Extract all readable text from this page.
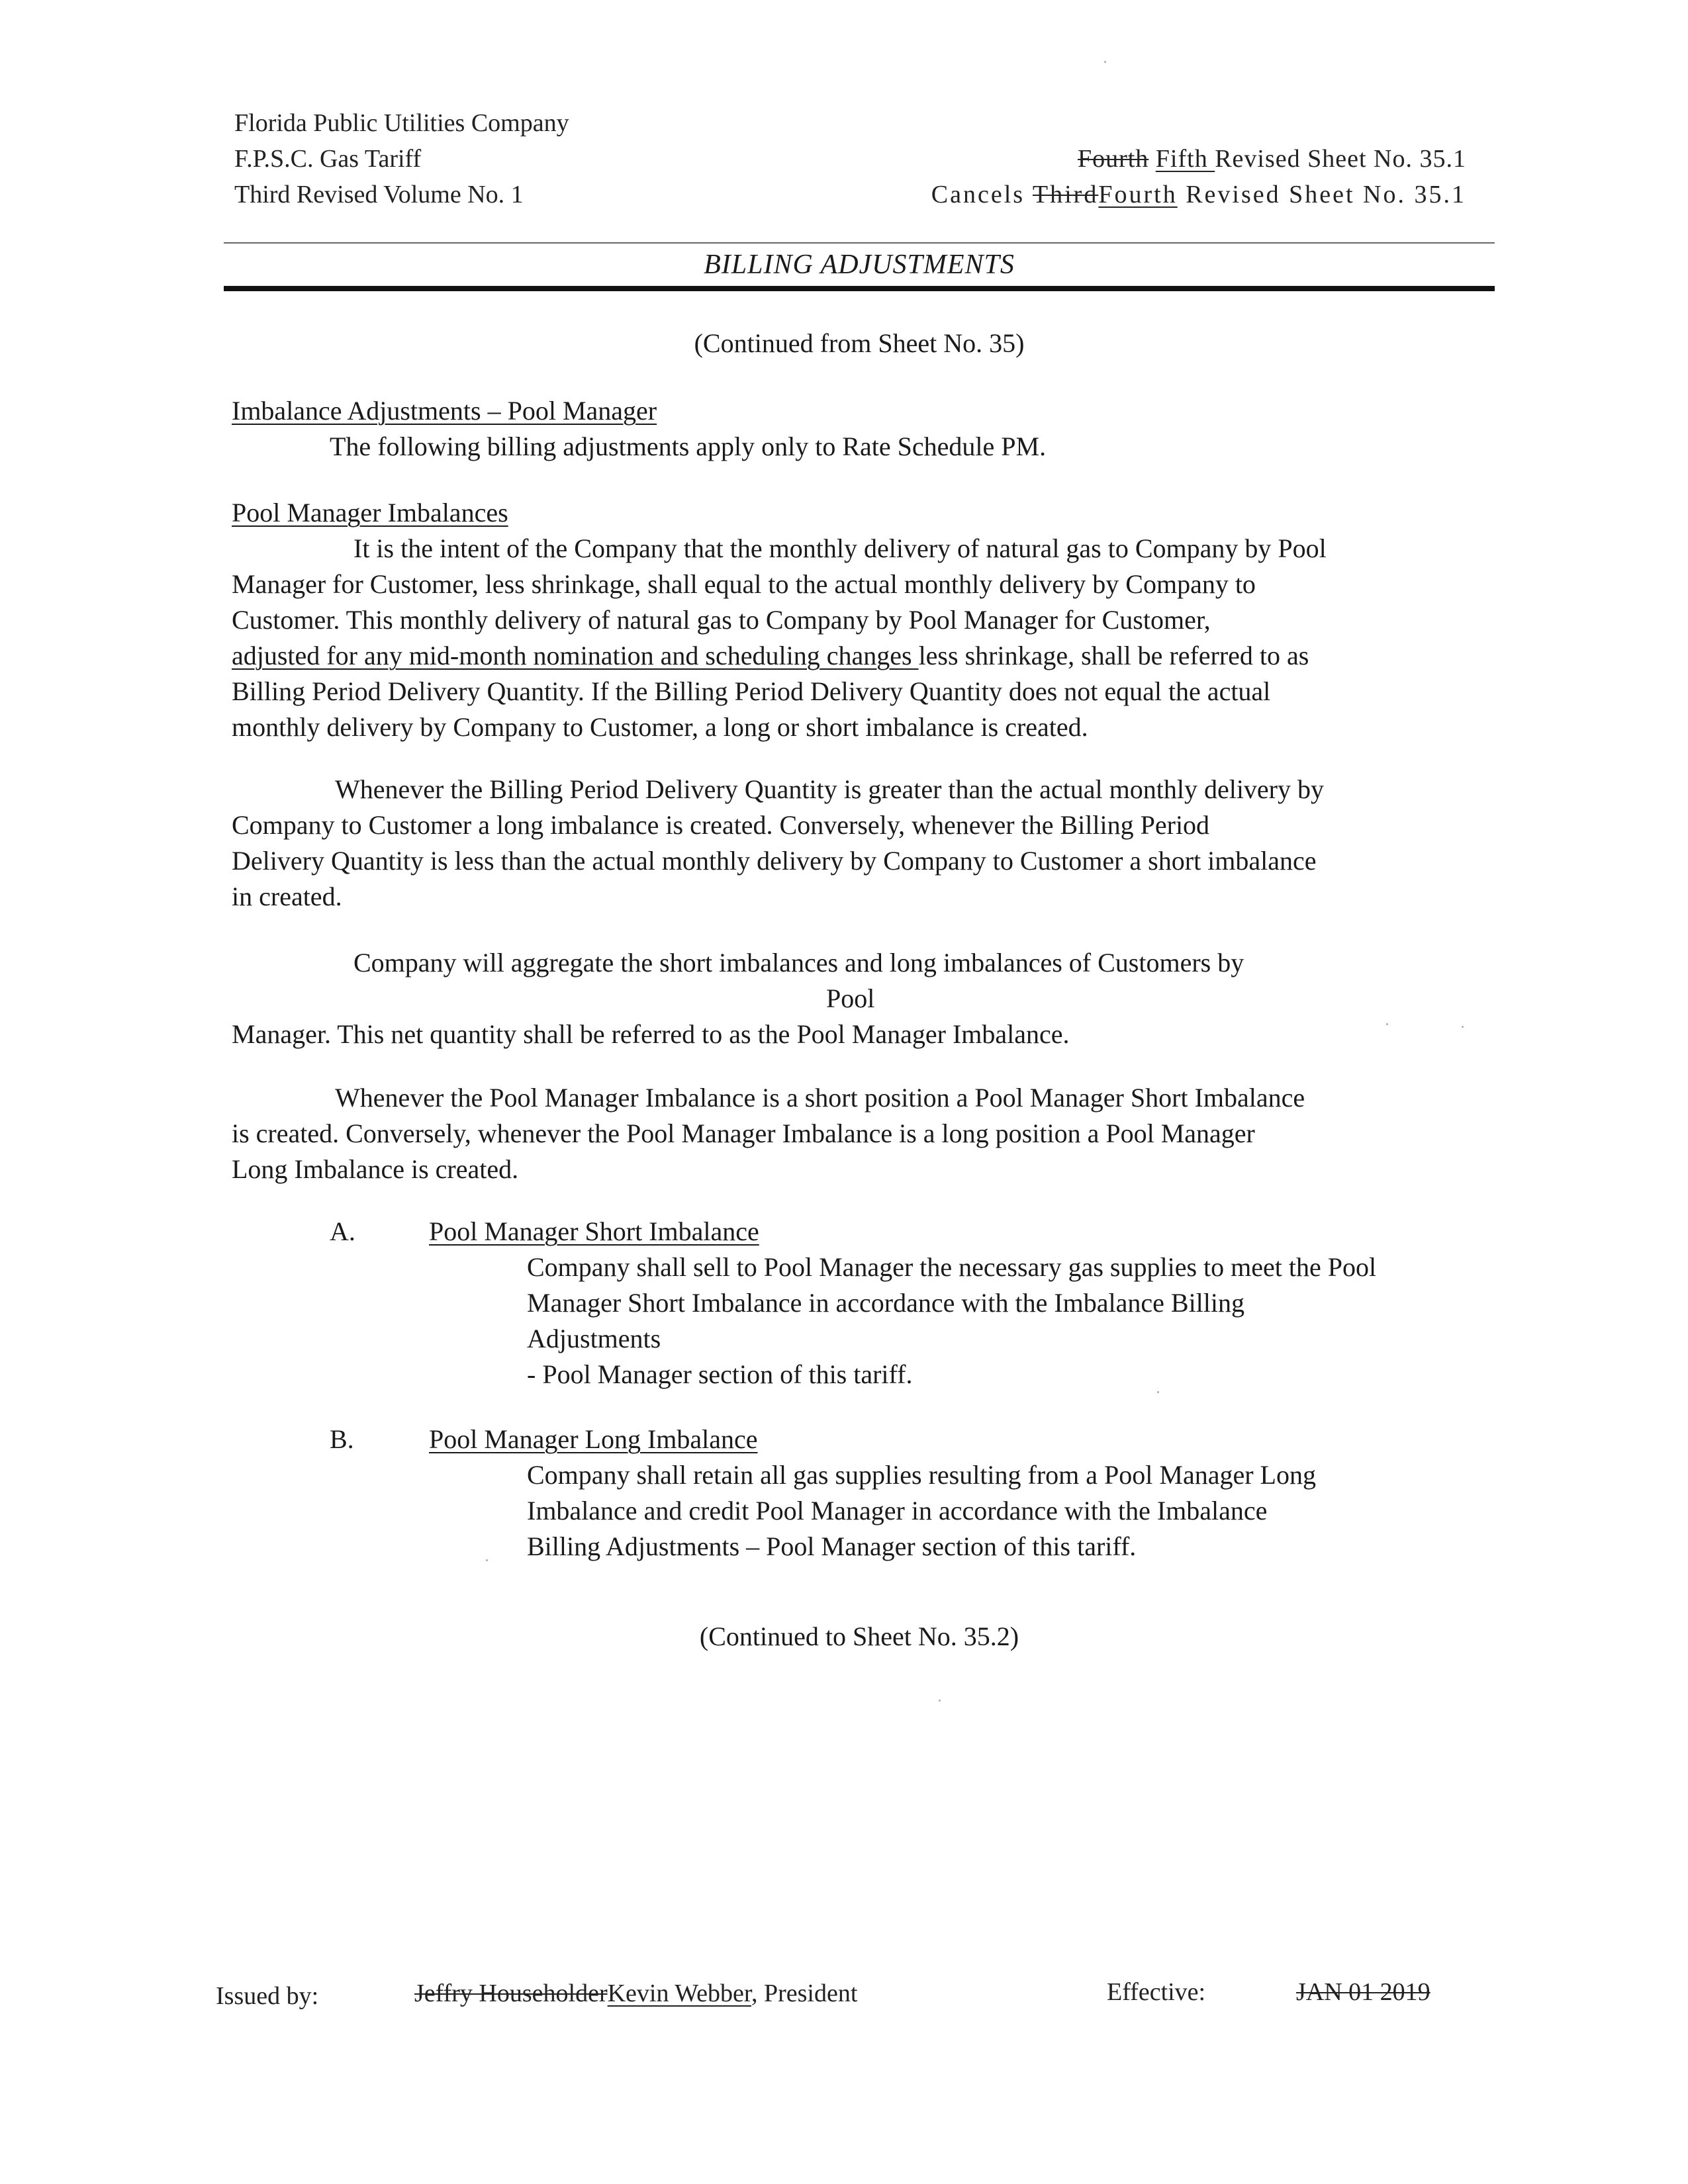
Florida Public Utilities Company
F.P.S.C. Gas Tariff
Third Revised Volume No. 1
Fourth Fifth Revised Sheet No. 35.1
Cancels ThirdFourth Revised Sheet No. 35.1
BILLING ADJUSTMENTS
(Continued from Sheet No. 35)
Imbalance Adjustments – Pool Manager
The following billing adjustments apply only to Rate Schedule PM.
Pool Manager Imbalances
It is the intent of the Company that the monthly delivery of natural gas to Company by Pool
Manager for Customer, less shrinkage, shall equal to the actual monthly delivery by Company to
Customer. This monthly delivery of natural gas to Company by Pool Manager for Customer,
adjusted for any mid-month nomination and scheduling changes less shrinkage, shall be referred to as
Billing Period Delivery Quantity. If the Billing Period Delivery Quantity does not equal the actual
monthly delivery by Company to Customer, a long or short imbalance is created.
Whenever the Billing Period Delivery Quantity is greater than the actual monthly delivery by
Company to Customer a long imbalance is created. Conversely, whenever the Billing Period
Delivery Quantity is less than the actual monthly delivery by Company to Customer a short imbalance
in created.
Company will aggregate the short imbalances and long imbalances of Customers by
Pool
Manager. This net quantity shall be referred to as the Pool Manager Imbalance.
Whenever the Pool Manager Imbalance is a short position a Pool Manager Short Imbalance
is created. Conversely, whenever the Pool Manager Imbalance is a long position a Pool Manager
Long Imbalance is created.
A.	Pool Manager Short Imbalance
Company shall sell to Pool Manager the necessary gas supplies to meet the Pool
Manager Short Imbalance in accordance with the Imbalance Billing
Adjustments
- Pool Manager section of this tariff.
B.	Pool Manager Long Imbalance
Company shall retain all gas supplies resulting from a Pool Manager Long
Imbalance and credit Pool Manager in accordance with the Imbalance
Billing Adjustments – Pool Manager section of this tariff.
(Continued to Sheet No. 35.2)
Issued by:	Jeffry HouseholderKevin Webber, President	Effective:	JAN 01 2019
